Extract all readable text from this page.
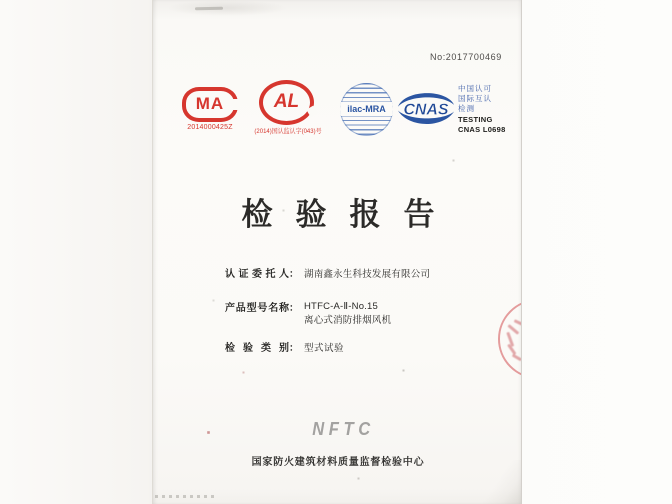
No:2017700469
MA
2014000425Z
AL
(2014)国认监认字(043)号
ilac-MRA	CNAS
中国认可
国际互认
检测
TESTING
CNAS L0698
检验报告
认证委托人 ： 湖南鑫永生科技发展有限公司
产品型号名称 ： HTFC-A-Ⅱ-No.15
离心式消防排烟风机
检验类别 ： 型式试验
NFTC
国家防火建筑材料质量监督检验中心
